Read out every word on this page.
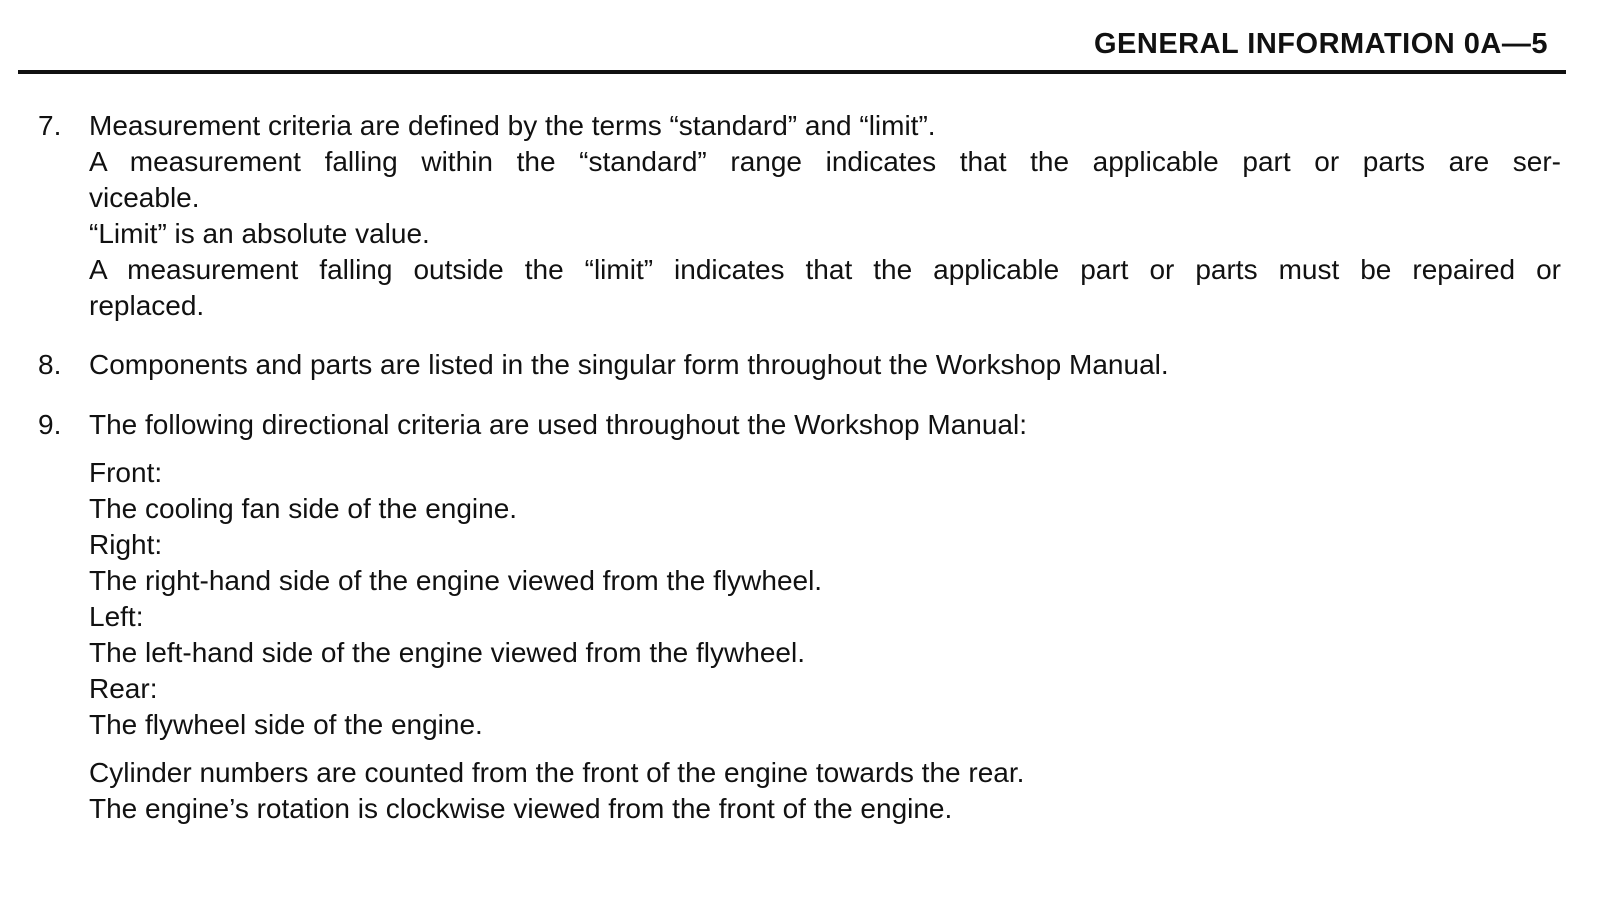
GENERAL INFORMATION 0A—5
7. Measurement criteria are defined by the terms “standard” and “limit”.
A measurement falling within the “standard” range indicates that the applicable part or parts are ser-
viceable.
“Limit” is an absolute value.
A measurement falling outside the “limit” indicates that the applicable part or parts must be repaired or
replaced.
8. Components and parts are listed in the singular form throughout the Workshop Manual.
9. The following directional criteria are used throughout the Workshop Manual:
Front:
The cooling fan side of the engine.
Right:
The right-hand side of the engine viewed from the flywheel.
Left:
The left-hand side of the engine viewed from the flywheel.
Rear:
The flywheel side of the engine.
Cylinder numbers are counted from the front of the engine towards the rear.
The engine’s rotation is clockwise viewed from the front of the engine.
